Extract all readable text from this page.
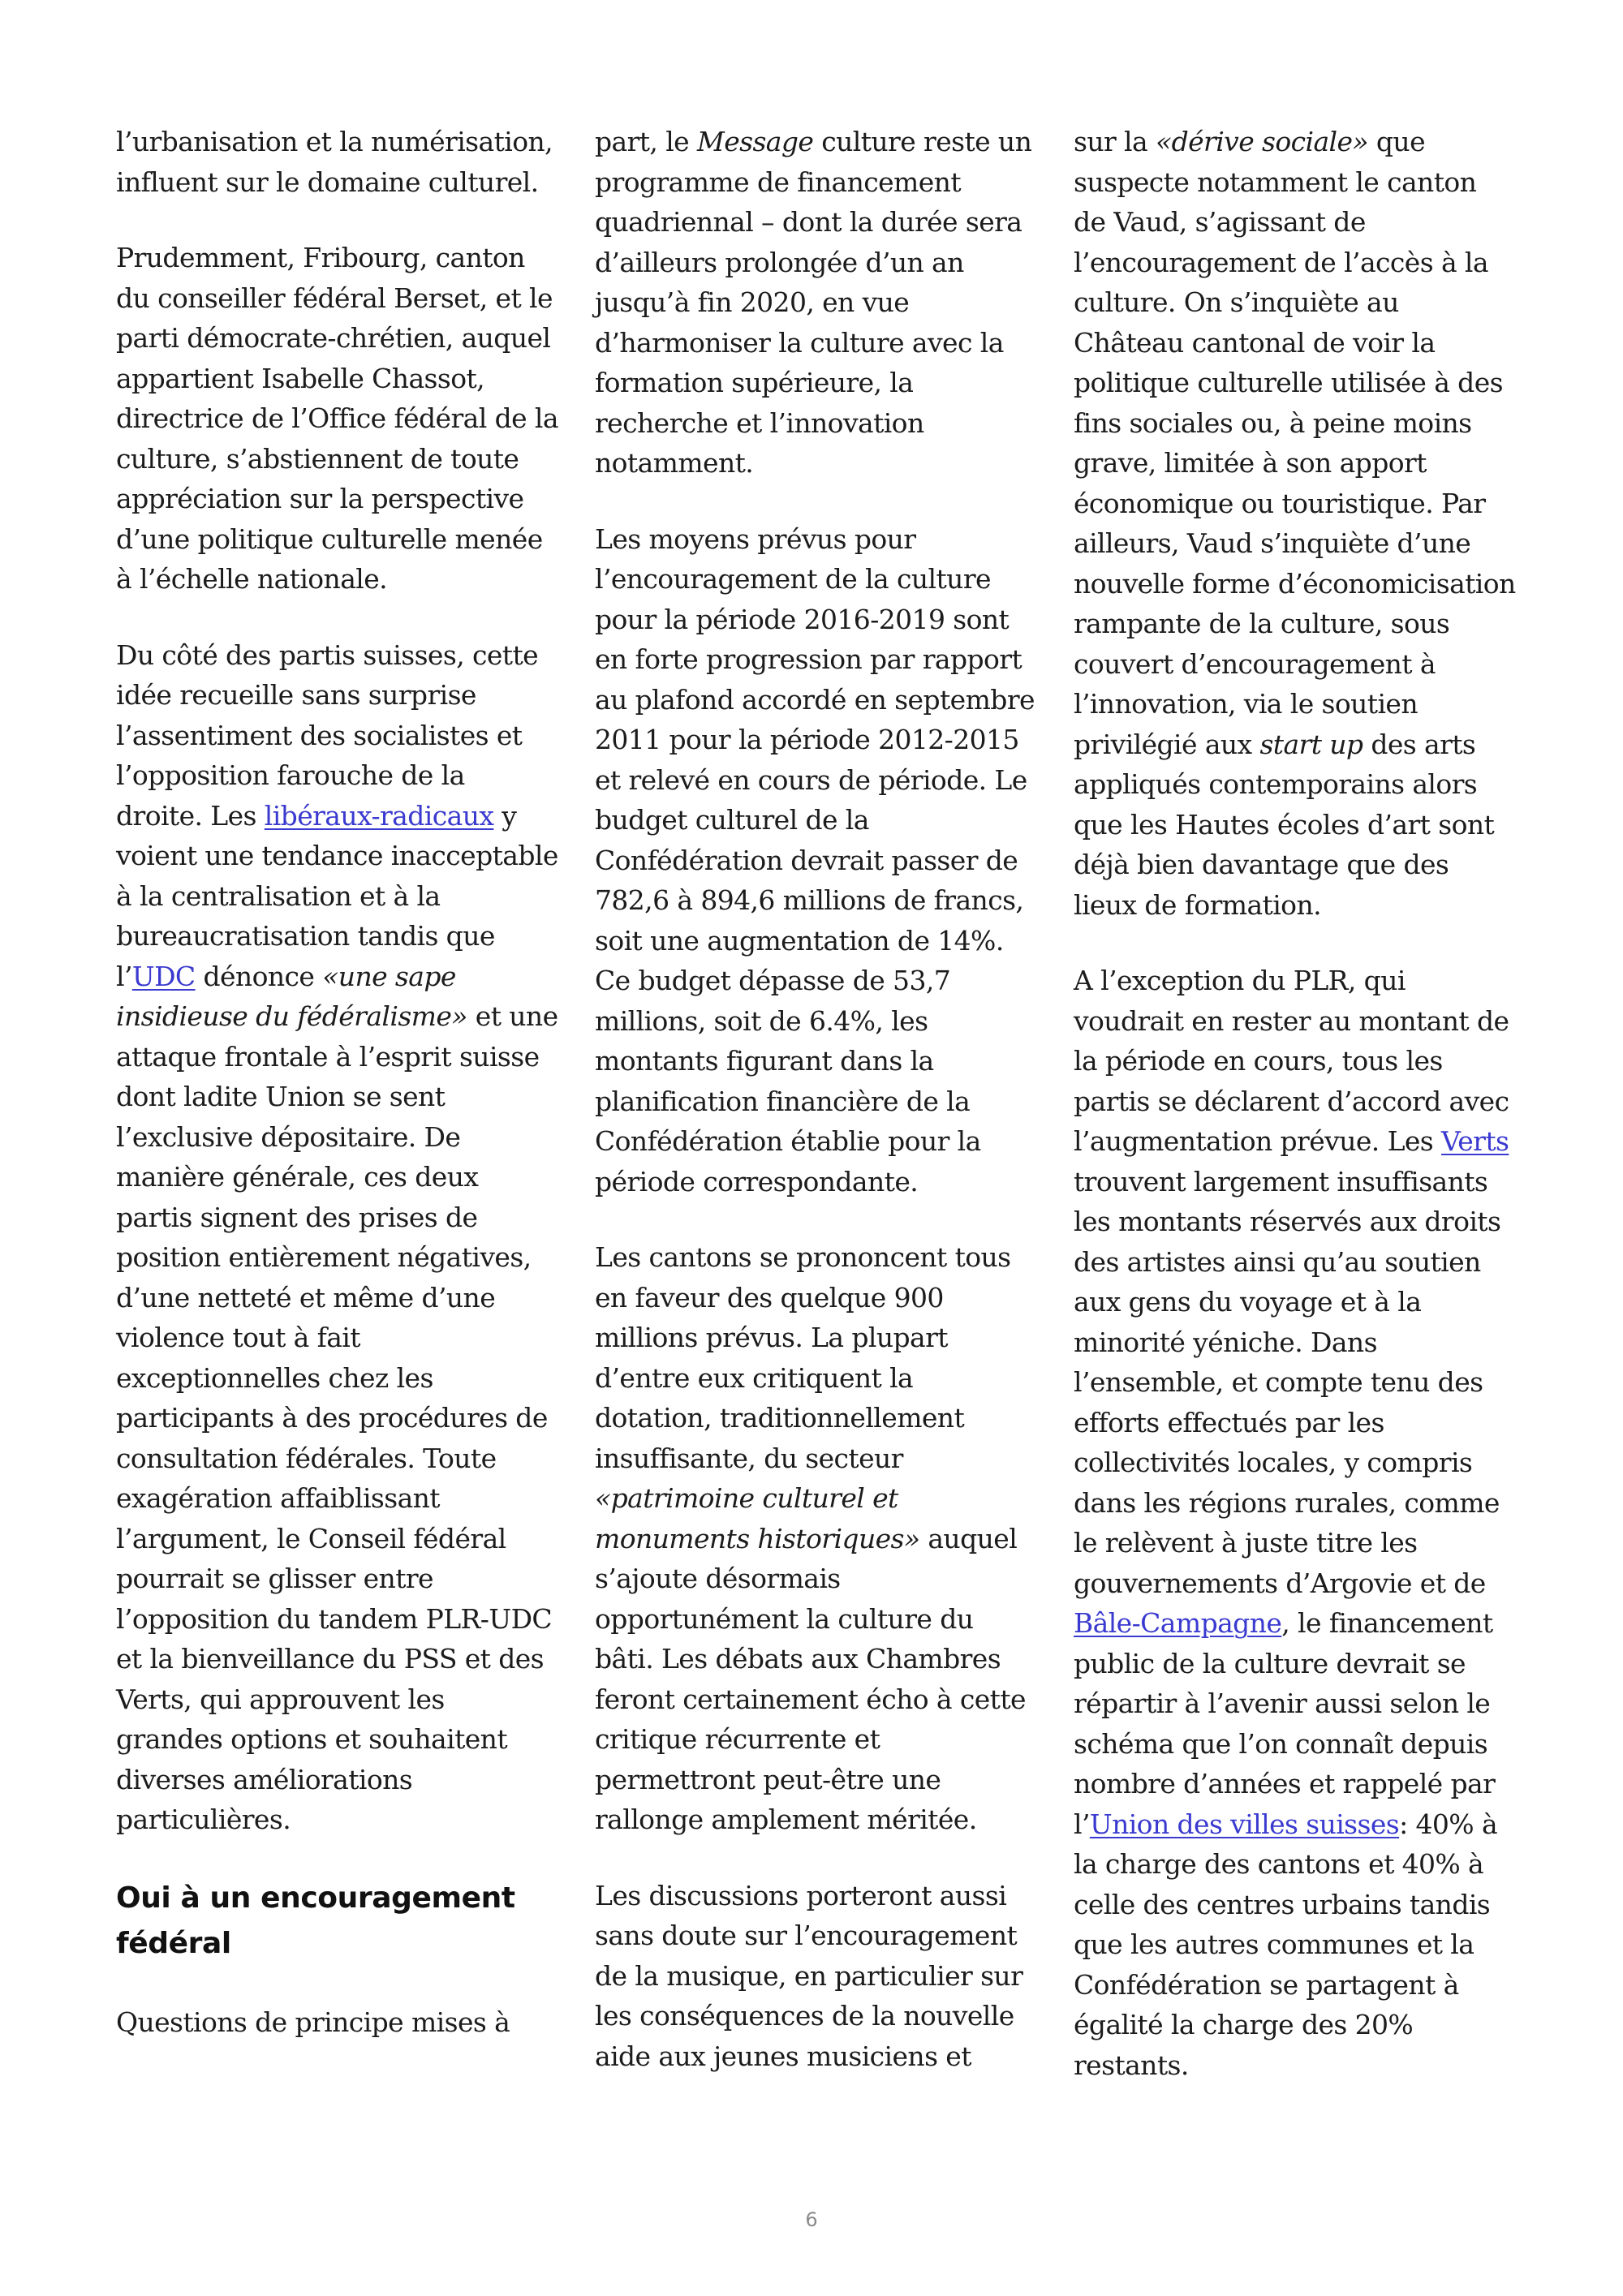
l’urbanisation et la numérisation, influent sur le domaine culturel.

Prudemment, Fribourg, canton du conseiller fédéral Berset, et le parti démocrate-chrétien, auquel appartient Isabelle Chassot, directrice de l’Office fédéral de la culture, s’abstiennent de toute appréciation sur la perspective d’une politique culturelle menée à l’échelle nationale.

Du côté des partis suisses, cette idée recueille sans surprise l’assentiment des socialistes et l’opposition farouche de la droite. Les libéraux-radicaux y voient une tendance inacceptable à la centralisation et à la bureaucratisation tandis que l’UDC dénonce «une sape insidieuse du fédéralisme» et une attaque frontale à l’esprit suisse dont ladite Union se sent l’exclusive dépositaire. De manière générale, ces deux partis signent des prises de position entièrement négatives, d’une netteté et même d’une violence tout à fait exceptionnelles chez les participants à des procédures de consultation fédérales. Toute exagération affaiblissant l’argument, le Conseil fédéral pourrait se glisser entre l’opposition du tandem PLR-UDC et la bienveillance du PSS et des Verts, qui approuvent les grandes options et souhaitent diverses améliorations particulières.

Oui à un encouragement fédéral

Questions de principe mises à

part, le Message culture reste un programme de financement quadriennal – dont la durée sera d’ailleurs prolongée d’un an jusqu’à fin 2020, en vue d’harmoniser la culture avec la formation supérieure, la recherche et l’innovation notamment.

Les moyens prévus pour l’encouragement de la culture pour la période 2016-2019 sont en forte progression par rapport au plafond accordé en septembre 2011 pour la période 2012-2015 et relevé en cours de période. Le budget culturel de la Confédération devrait passer de 782,6 à 894,6 millions de francs, soit une augmentation de 14%. Ce budget dépasse de 53,7 millions, soit de 6.4%, les montants figurant dans la planification financière de la Confédération établie pour la période correspondante.

Les cantons se prononcent tous en faveur des quelque 900 millions prévus. La plupart d’entre eux critiquent la dotation, traditionnellement insuffisante, du secteur «patrimoine culturel et monuments historiques» auquel s’ajoute désormais opportunément la culture du bâti. Les débats aux Chambres feront certainement écho à cette critique récurrente et permettront peut-être une rallonge amplement méritée.

Les discussions porteront aussi sans doute sur l’encouragement de la musique, en particulier sur les conséquences de la nouvelle aide aux jeunes musiciens et

sur la «dérive sociale» que suspecte notamment le canton de Vaud, s’agissant de l’encouragement de l’accès à la culture. On s’inquiète au Château cantonal de voir la politique culturelle utilisée à des fins sociales ou, à peine moins grave, limitée à son apport économique ou touristique. Par ailleurs, Vaud s’inquiète d’une nouvelle forme d’économicisation rampante de la culture, sous couvert d’encouragement à l’innovation, via le soutien privilégié aux start up des arts appliqués contemporains alors que les Hautes écoles d’art sont déjà bien davantage que des lieux de formation.

A l’exception du PLR, qui voudrait en rester au montant de la période en cours, tous les partis se déclarent d’accord avec l’augmentation prévue. Les Verts trouvent largement insuffisants les montants réservés aux droits des artistes ainsi qu’au soutien aux gens du voyage et à la minorité yéniche. Dans l’ensemble, et compte tenu des efforts effectués par les collectivités locales, y compris dans les régions rurales, comme le relèvent à juste titre les gouvernements d’Argovie et de Bâle-Campagne, le financement public de la culture devrait se répartir à l’avenir aussi selon le schéma que l’on connaît depuis nombre d’années et rappelé par l’Union des villes suisses: 40% à la charge des cantons et 40% à celle des centres urbains tandis que les autres communes et la Confédération se partagent à égalité la charge des 20% restants.

6
